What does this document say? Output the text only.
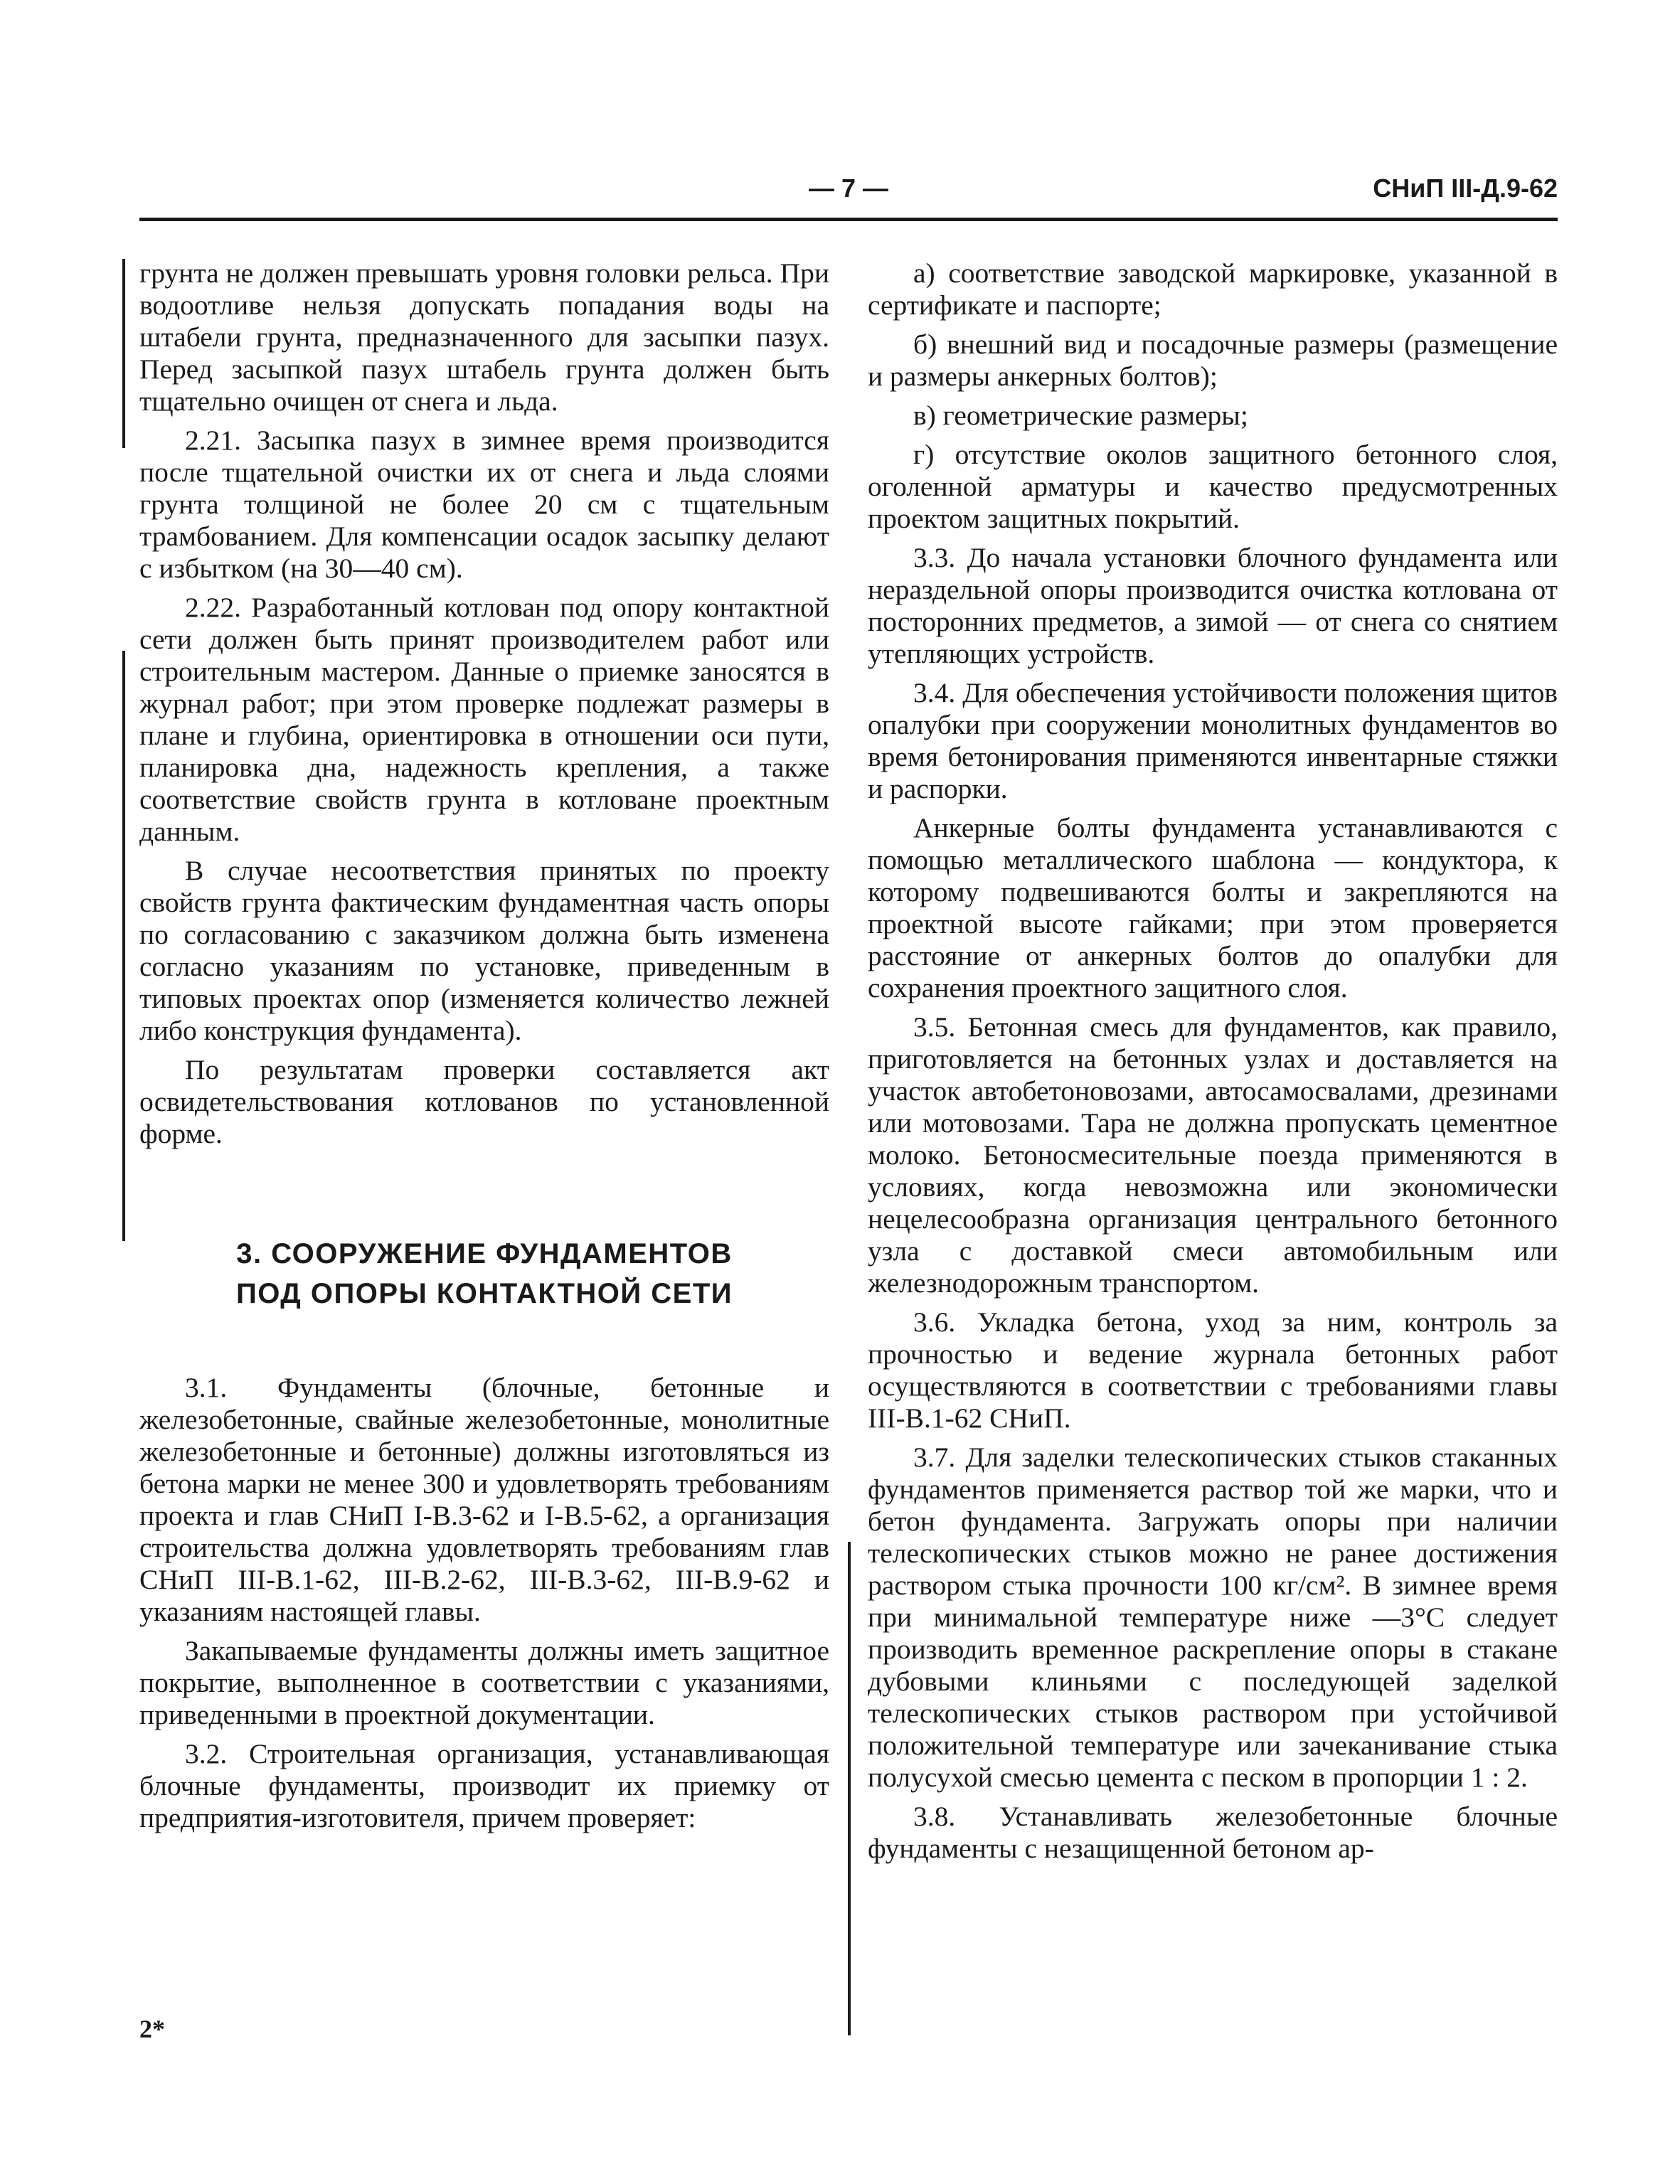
— 7 —	СНиП III-Д.9-62

грунта не должен превышать уровня головки рельса. При водоотливе нельзя допускать попадания воды на штабели грунта, предназначенного для засыпки пазух. Перед засыпкой пазух штабель грунта должен быть тщательно очищен от снега и льда.

2.21. Засыпка пазух в зимнее время производится после тщательной очистки их от снега и льда слоями грунта толщиной не более 20 см с тщательным трамбованием. Для компенсации осадок засыпку делают с избытком (на 30—40 см).

2.22. Разработанный котлован под опору контактной сети должен быть принят производителем работ или строительным мастером. Данные о приемке заносятся в журнал работ; при этом проверке подлежат размеры в плане и глубина, ориентировка в отношении оси пути, планировка дна, надежность крепления, а также соответствие свойств грунта в котловане проектным данным.

В случае несоответствия принятых по проекту свойств грунта фактическим фундаментная часть опоры по согласованию с заказчиком должна быть изменена согласно указаниям по установке, приведенным в типовых проектах опор (изменяется количество лежней либо конструкция фундамента).

По результатам проверки составляется акт освидетельствования котлованов по установленной форме.

3. СООРУЖЕНИЕ ФУНДАМЕНТОВ
ПОД ОПОРЫ КОНТАКТНОЙ СЕТИ

3.1. Фундаменты (блочные, бетонные и железобетонные, свайные железобетонные, монолитные железобетонные и бетонные) должны изготовляться из бетона марки не менее 300 и удовлетворять требованиям проекта и глав СНиП I-В.3-62 и I-В.5-62, а организация строительства должна удовлетворять требованиям глав СНиП III-В.1-62, III-В.2-62, III-В.3-62, III-В.9-62 и указаниям настоящей главы.

Закапываемые фундаменты должны иметь защитное покрытие, выполненное в соответствии с указаниями, приведенными в проектной документации.

3.2. Строительная организация, устанавливающая блочные фундаменты, производит их приемку от предприятия-изготовителя, причем проверяет:

а) соответствие заводской маркировке, указанной в сертификате и паспорте;

б) внешний вид и посадочные размеры (размещение и размеры анкерных болтов);

в) геометрические размеры;

г) отсутствие околов защитного бетонного слоя, оголенной арматуры и качество предусмотренных проектом защитных покрытий.

3.3. До начала установки блочного фундамента или нераздельной опоры производится очистка котлована от посторонних предметов, а зимой — от снега со снятием утепляющих устройств.

3.4. Для обеспечения устойчивости положения щитов опалубки при сооружении монолитных фундаментов во время бетонирования применяются инвентарные стяжки и распорки.

Анкерные болты фундамента устанавливаются с помощью металлического шаблона — кондуктора, к которому подвешиваются болты и закрепляются на проектной высоте гайками; при этом проверяется расстояние от анкерных болтов до опалубки для сохранения проектного защитного слоя.

3.5. Бетонная смесь для фундаментов, как правило, приготовляется на бетонных узлах и доставляется на участок автобетоновозами, автосамосвалами, дрезинами или мотовозами. Тара не должна пропускать цементное молоко. Бетоносмесительные поезда применяются в условиях, когда невозможна или экономически нецелесообразна организация центрального бетонного узла с доставкой смеси автомобильным или железнодорожным транспортом.

3.6. Укладка бетона, уход за ним, контроль за прочностью и ведение журнала бетонных работ осуществляются в соответствии с требованиями главы III-В.1-62 СНиП.

3.7. Для заделки телескопических стыков стаканных фундаментов применяется раствор той же марки, что и бетон фундамента. Загружать опоры при наличии телескопических стыков можно не ранее достижения раствором стыка прочности 100 кг/см². В зимнее время при минимальной температуре ниже —3°С следует производить временное раскрепление опоры в стакане дубовыми клиньями с последующей заделкой телескопических стыков раствором при устойчивой положительной температуре или зачеканивание стыка полусухой смесью цемента с песком в пропорции 1 : 2.

3.8. Устанавливать железобетонные блочные фундаменты с незащищенной бетоном ар-

2*
